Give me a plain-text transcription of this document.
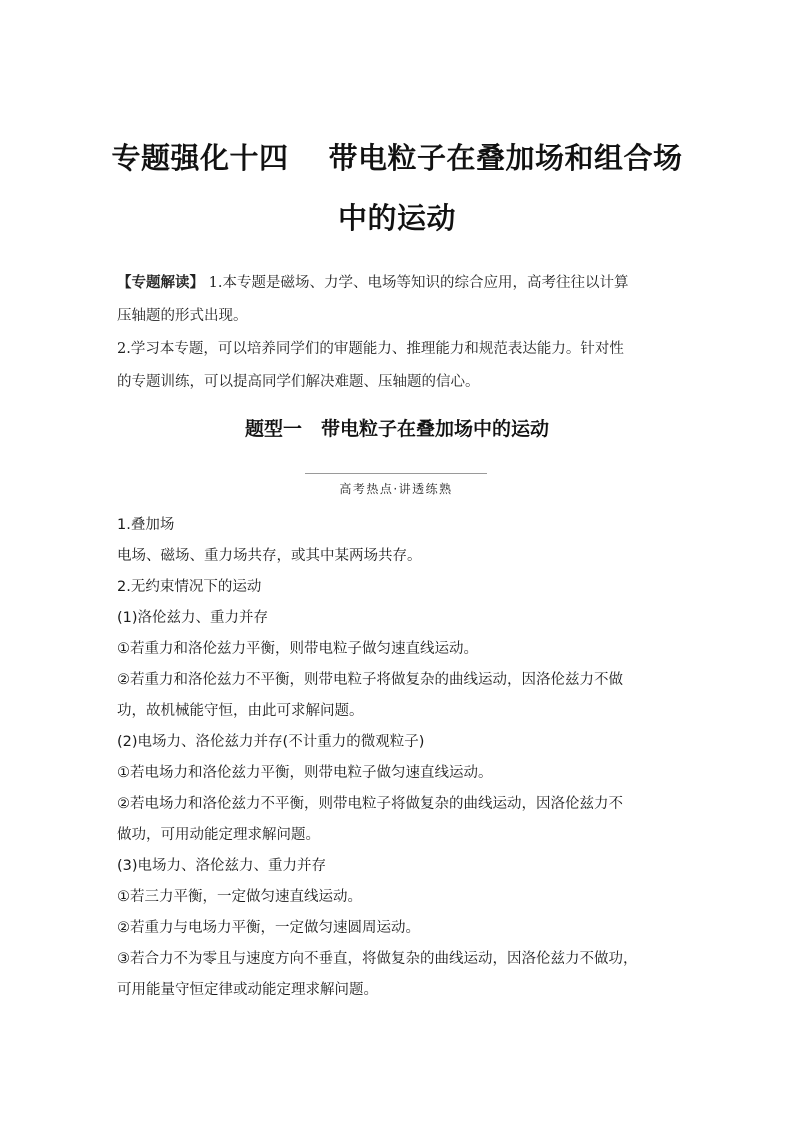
专题强化十四　 带电粒子在叠加场和组合场
中的运动
【专题解读】 1.本专题是磁场、力学、电场等知识的综合应用，高考往往以计算
压轴题的形式出现。
2.学习本专题，可以培养同学们的审题能力、推理能力和规范表达能力。针对性
的专题训练，可以提高同学们解决难题、压轴题的信心。
题型一　带电粒子在叠加场中的运动
高考热点·讲透练熟
1.叠加场
电场、磁场、重力场共存，或其中某两场共存。
2.无约束情况下的运动
(1)洛伦兹力、重力并存
①若重力和洛伦兹力平衡，则带电粒子做匀速直线运动。
②若重力和洛伦兹力不平衡，则带电粒子将做复杂的曲线运动，因洛伦兹力不做
功，故机械能守恒，由此可求解问题。
(2)电场力、洛伦兹力并存(不计重力的微观粒子)
①若电场力和洛伦兹力平衡，则带电粒子做匀速直线运动。
②若电场力和洛伦兹力不平衡，则带电粒子将做复杂的曲线运动，因洛伦兹力不
做功，可用动能定理求解问题。
(3)电场力、洛伦兹力、重力并存
①若三力平衡，一定做匀速直线运动。
②若重力与电场力平衡，一定做匀速圆周运动。
③若合力不为零且与速度方向不垂直，将做复杂的曲线运动，因洛伦兹力不做功，
可用能量守恒定律或动能定理求解问题。
